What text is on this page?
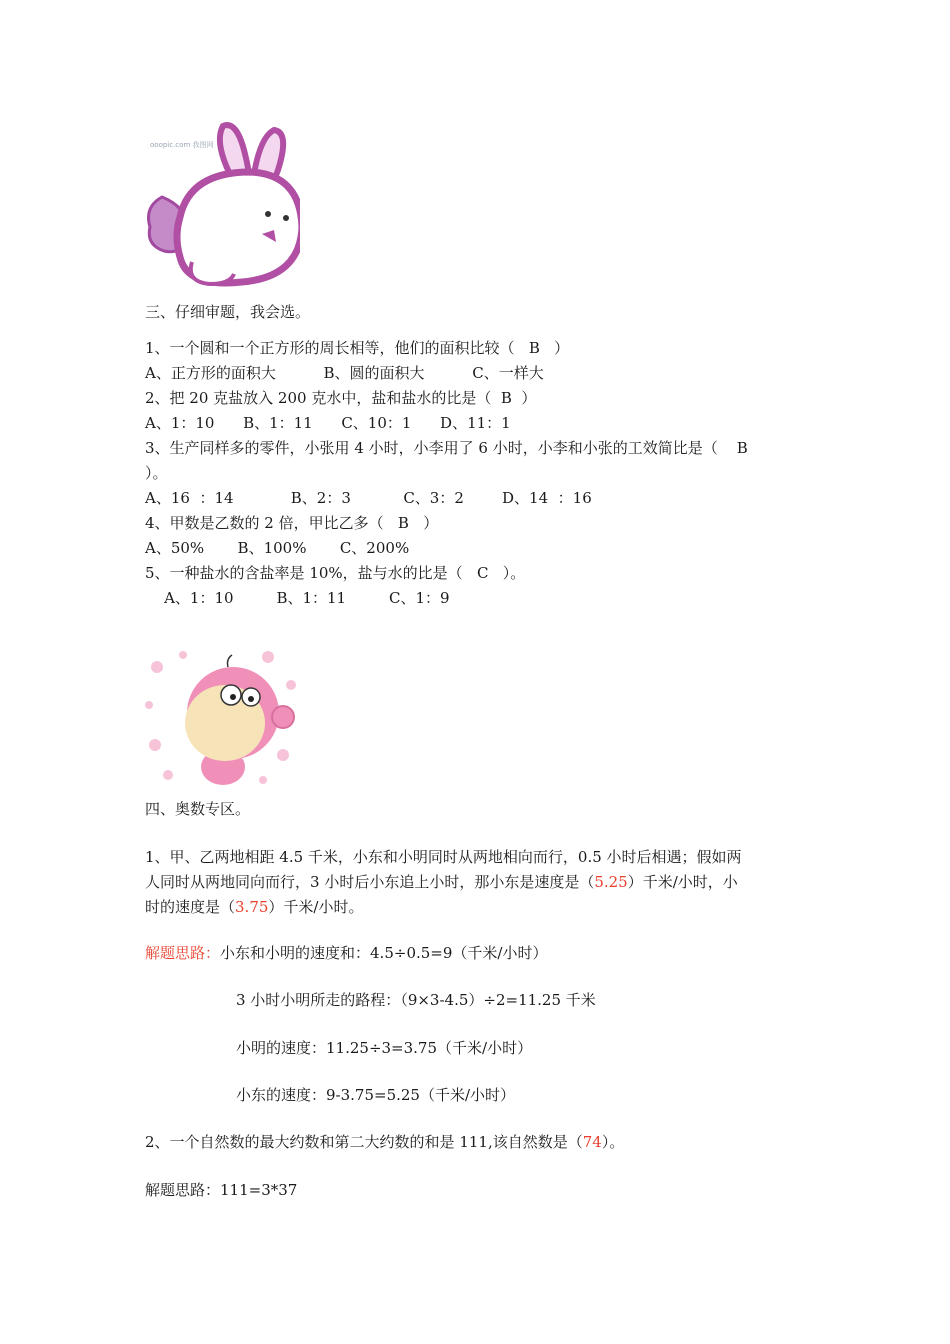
ooopic.com 我图网
三、仔细审题，我会选。
1、一个圆和一个正方形的周长相等，他们的面积比较（   B   ）
A、正方形的面积大          B、圆的面积大          C、一样大
2、把 20 克盐放入 200 克水中，盐和盐水的比是（  B  ）
A、1：10      B、1：11      C、10：1      D、11：1
3、生产同样多的零件，小张用 4 小时，小李用了 6 小时，小李和小张的工效简比是（    B
）。
A、16  ：14            B、2：3           C、3：2        D、14  ：16
4、甲数是乙数的 2 倍，甲比乙多（   B   ）
A、50%       B、100%       C、200%
5、一种盐水的含盐率是 10%，盐与水的比是（   C   ）。
A、1：10         B、1：11         C、1：9
四、奥数专区。
1、甲、乙两地相距 4.5 千米，小东和小明同时从两地相向而行，0.5 小时后相遇；假如两
人同时从两地同向而行，3 小时后小东追上小时，那小东是速度是（5.25）千米/小时，小
时的速度是（3.75）千米/小时。
解题思路：小东和小明的速度和：4.5÷0.5=9（千米/小时）
3 小时小明所走的路程：（9×3-4.5）÷2=11.25 千米
小明的速度：11.25÷3=3.75（千米/小时）
小东的速度：9-3.75=5.25（千米/小时）
2、一个自然数的最大约数和第二大约数的和是 111,该自然数是（74）。
解题思路：111=3*37
